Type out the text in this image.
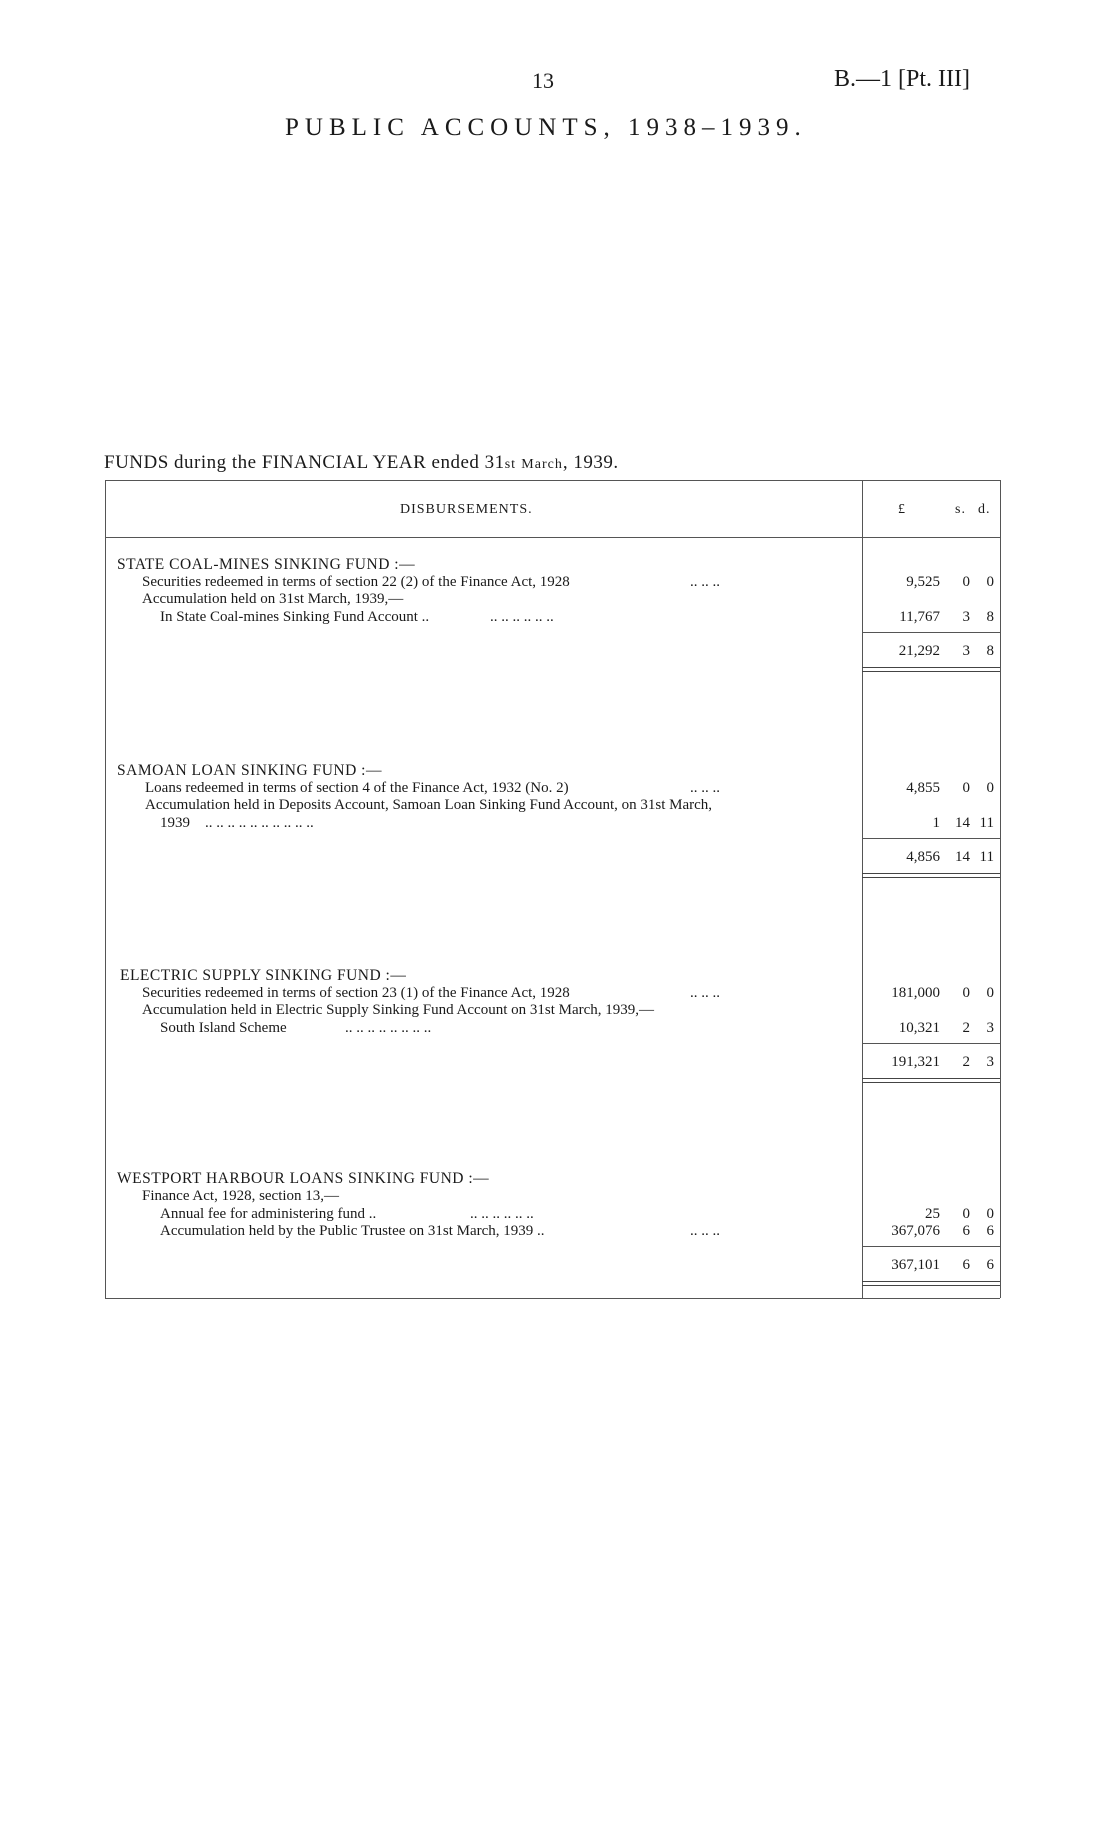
13	B.—1 [Pt. III]
PUBLIC ACCOUNTS, 1938–1939.
FUNDS during the FINANCIAL YEAR ended 31st March, 1939.
DISBURSEMENTS.	£	s. d.
STATE COAL-MINES SINKING FUND :—
Securities redeemed in terms of section 22 (2) of the Finance Act, 1928	.. .. ..	9,525	0	0
Accumulation held on 31st March, 1939,—
In State Coal-mines Sinking Fund Account ..	.. .. .. .. .. ..	11,767	3	8
21,292	3	8
SAMOAN LOAN SINKING FUND :—
Loans redeemed in terms of section 4 of the Finance Act, 1932 (No. 2)	.. .. ..	4,855	0	0
Accumulation held in Deposits Account, Samoan Loan Sinking Fund Account, on 31st March,
1939 .. .. .. .. .. .. .. .. .. ..	1	14 11
4,856	14 11
ELECTRIC SUPPLY SINKING FUND :—
Securities redeemed in terms of section 23 (1) of the Finance Act, 1928	.. .. ..	181,000	0	0
Accumulation held in Electric Supply Sinking Fund Account on 31st March, 1939,—
South Island Scheme	.. .. .. .. .. .. .. ..	10,321	2	3
191,321	2	3
WESTPORT HARBOUR LOANS SINKING FUND :—
Finance Act, 1928, section 13,—
Annual fee for administering fund ..	.. .. .. .. .. ..	25	0	0
Accumulation held by the Public Trustee on 31st March, 1939 ..	.. .. ..	367,076	6	6
367,101	6	6
